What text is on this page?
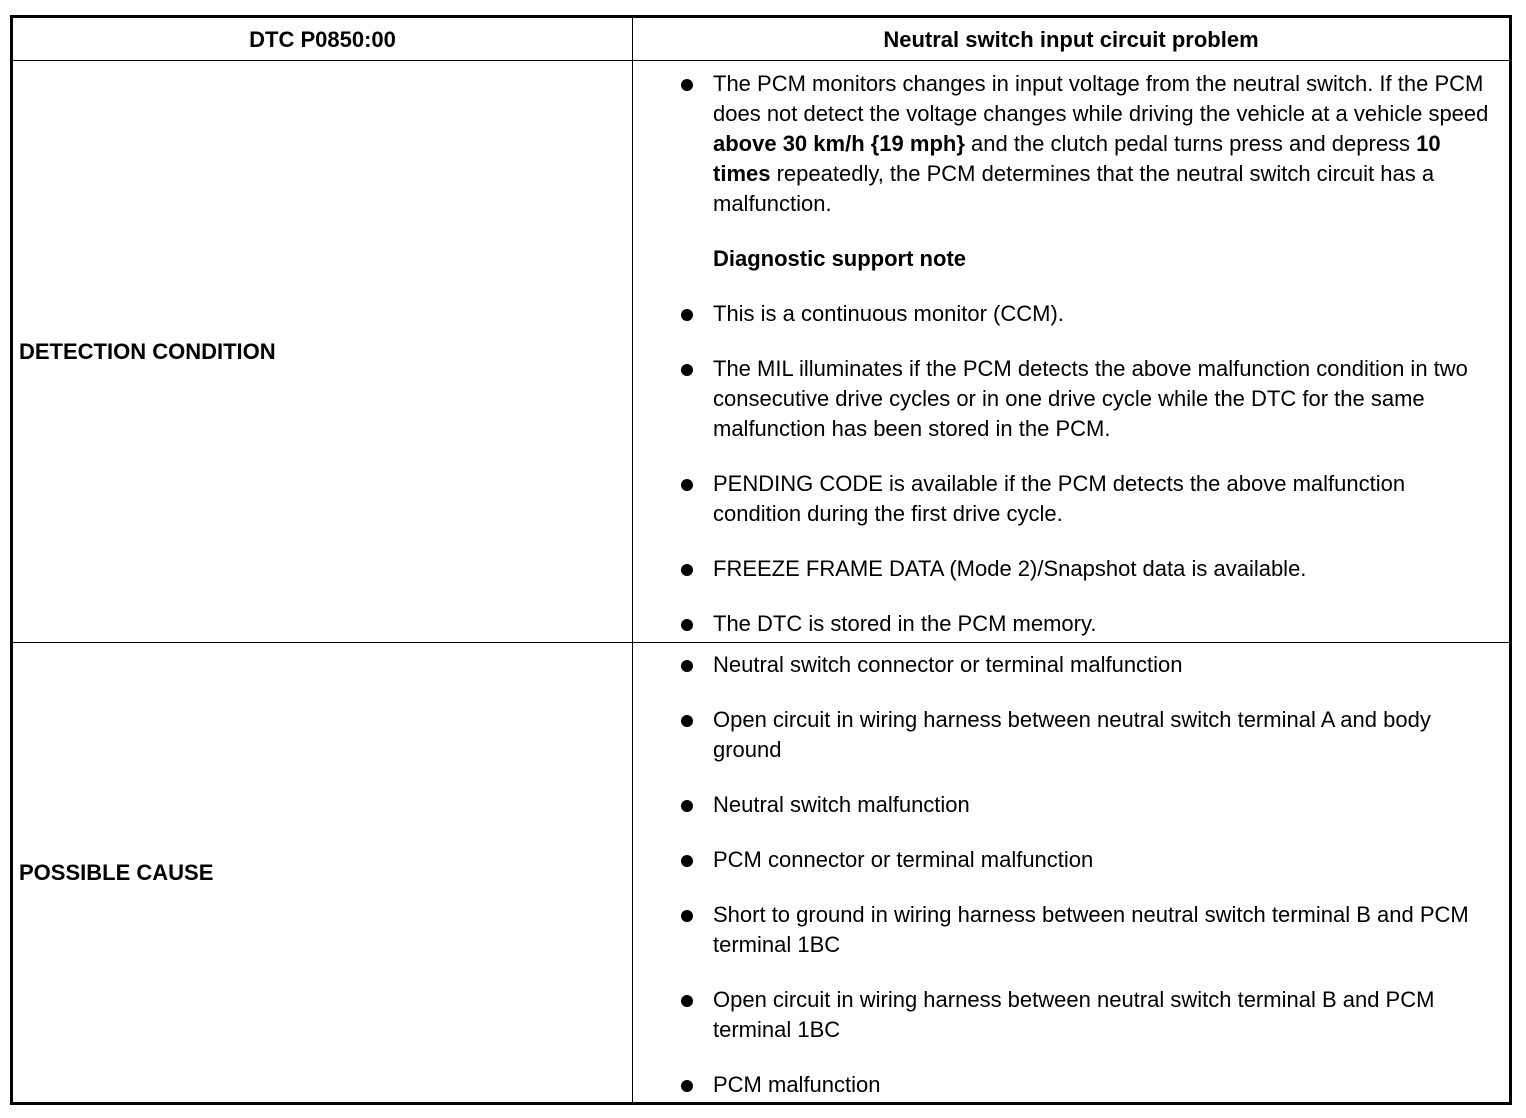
DTC P0850:00	Neutral switch input circuit problem
DETECTION CONDITION
The PCM monitors changes in input voltage from the neutral switch. If the PCM does not detect the voltage changes while driving the vehicle at a vehicle speed above 30 km/h {19 mph} and the clutch pedal turns press and depress 10 times repeatedly, the PCM determines that the neutral switch circuit has a malfunction.
Diagnostic support note
This is a continuous monitor (CCM).
The MIL illuminates if the PCM detects the above malfunction condition in two consecutive drive cycles or in one drive cycle while the DTC for the same malfunction has been stored in the PCM.
PENDING CODE is available if the PCM detects the above malfunction condition during the first drive cycle.
FREEZE FRAME DATA (Mode 2)/Snapshot data is available.
The DTC is stored in the PCM memory.
POSSIBLE CAUSE
Neutral switch connector or terminal malfunction
Open circuit in wiring harness between neutral switch terminal A and body ground
Neutral switch malfunction
PCM connector or terminal malfunction
Short to ground in wiring harness between neutral switch terminal B and PCM terminal 1BC
Open circuit in wiring harness between neutral switch terminal B and PCM terminal 1BC
PCM malfunction
